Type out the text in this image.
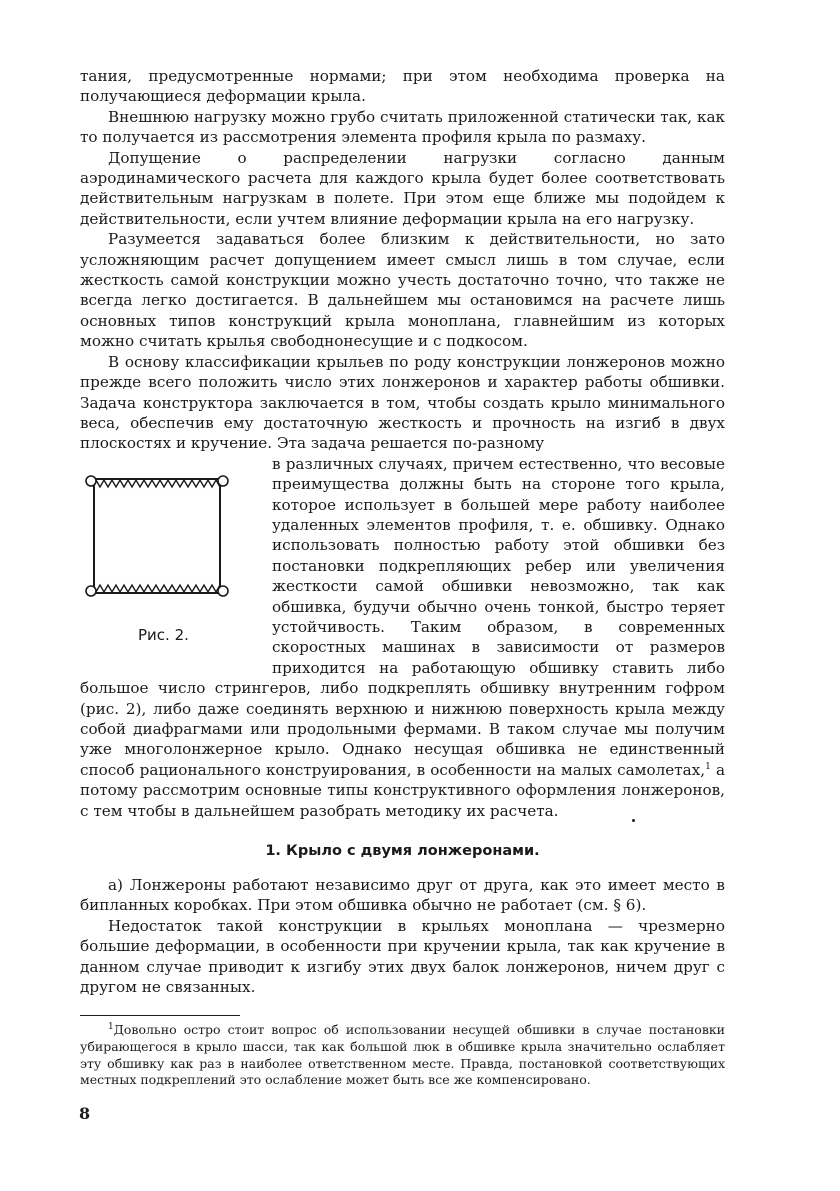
тания, предусмотренные нормами; при этом необходима проверка на получающиеся деформации крыла.

Внешнюю нагрузку можно грубо считать приложенной статически так, как то получается из рассмотрения элемента профиля крыла по размаху.

Допущение о распределении нагрузки согласно данным аэродинамического расчета для каждого крыла будет более соответствовать действительным нагрузкам в полете. При этом еще ближе мы подойдем к действительности, если учтем влияние деформации крыла на его нагрузку.

Разумеется задаваться более близким к действительности, но зато усложняющим расчет допущением имеет смысл лишь в том случае, если жесткость самой конструкции можно учесть достаточно точно, что также не всегда легко достигается. В дальнейшем мы остановимся на расчете лишь основных типов конструкций крыла моноплана, главнейшим из которых можно считать крылья свободнонесущие и с подкосом.

В основу классификации крыльев по роду конструкции лонжеронов можно прежде всего положить число этих лонжеронов и характер работы обшивки. Задача конструктора заключается в том, чтобы создать крыло минимального веса, обеспечив ему достаточную жесткость и прочность на изгиб в двух плоскостях и кручение. Эта задача решается по-разному

Рис. 2.

в различных случаях, причем естественно, что весовые преимущества должны быть на стороне того крыла, которое использует в большей мере работу наиболее удаленных элементов профиля, т. е. обшивку. Однако использовать полностью работу этой обшивки без постановки подкрепляющих ребер или увеличения жесткости самой обшивки невозможно, так как обшивка, будучи обычно очень тонкой, быстро теряет устойчивость. Таким образом, в современных скоростных машинах в зависимости от размеров приходится на работающую обшивку ставить либо большое число стрингеров, либо подкреплять обшивку внутренним гофром (рис. 2), либо даже соединять верхнюю и нижнюю поверхность крыла между собой диафрагмами или продольными фермами. В таком случае мы получим уже многолонжерное крыло. Однако несущая обшивка не единственный способ рационального конструирования, в особенности на малых самолетах,$^1$ а потому рассмотрим основные типы конструктивного оформления лонжеронов, с тем чтобы в дальнейшем разобрать методику их расчета.

1. Крыло с двумя лонжеронами.

а) Лонжероны работают независимо друг от друга, как это имеет место в бипланных коробках. При этом обшивка обычно не работает (см. § 6).

Недостаток такой конструкции в крыльях моноплана — чрезмерно большие деформации, в особенности при кручении крыла, так как кручение в данном случае приводит к изгибу этих двух балок лонжеронов, ничем друг с другом не связанных.

$^1$Довольно остро стоит вопрос об использовании несущей обшивки в случае постановки убирающегося в крыло шасси, так как большой люк в обшивке крыла значительно ослабляет эту обшивку как раз в наиболее ответственном месте. Правда, постановкой соответствующих местных подкреплений это ослабление может быть все же компенсировано.

8
